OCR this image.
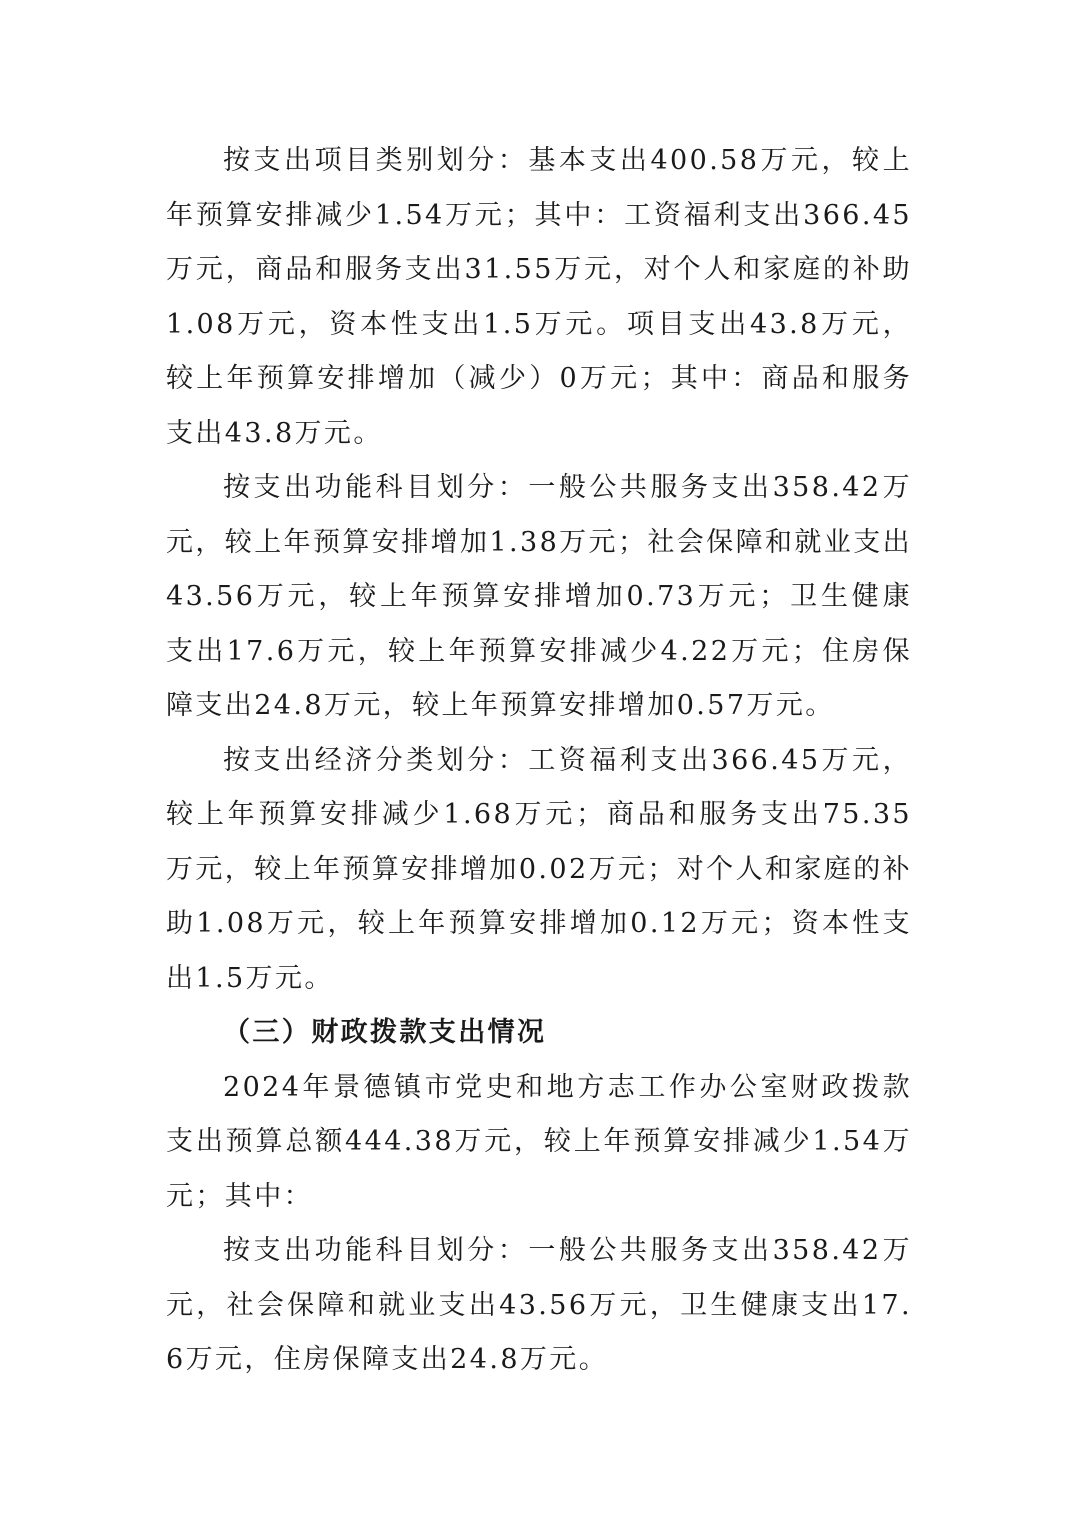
按支出项目类别划分：基本支出400.58万元，较上年预算安排减少1.54万元；其中：工资福利支出366.45万元，商品和服务支出31.55万元，对个人和家庭的补助1.08万元，资本性支出1.5万元。项目支出43.8万元，较上年预算安排增加（减少）0万元；其中：商品和服务支出43.8万元。

按支出功能科目划分：一般公共服务支出358.42万元，较上年预算安排增加1.38万元；社会保障和就业支出43.56万元，较上年预算安排增加0.73万元；卫生健康支出17.6万元，较上年预算安排减少4.22万元；住房保障支出24.8万元，较上年预算安排增加0.57万元。

按支出经济分类划分：工资福利支出366.45万元，较上年预算安排减少1.68万元；商品和服务支出75.35万元，较上年预算安排增加0.02万元；对个人和家庭的补助1.08万元，较上年预算安排增加0.12万元；资本性支出1.5万元。

（三）财政拨款支出情况

2024年景德镇市党史和地方志工作办公室财政拨款支出预算总额444.38万元，较上年预算安排减少1.54万元；其中：

按支出功能科目划分：一般公共服务支出358.42万元，社会保障和就业支出43.56万元，卫生健康支出17.6万元，住房保障支出24.8万元。
